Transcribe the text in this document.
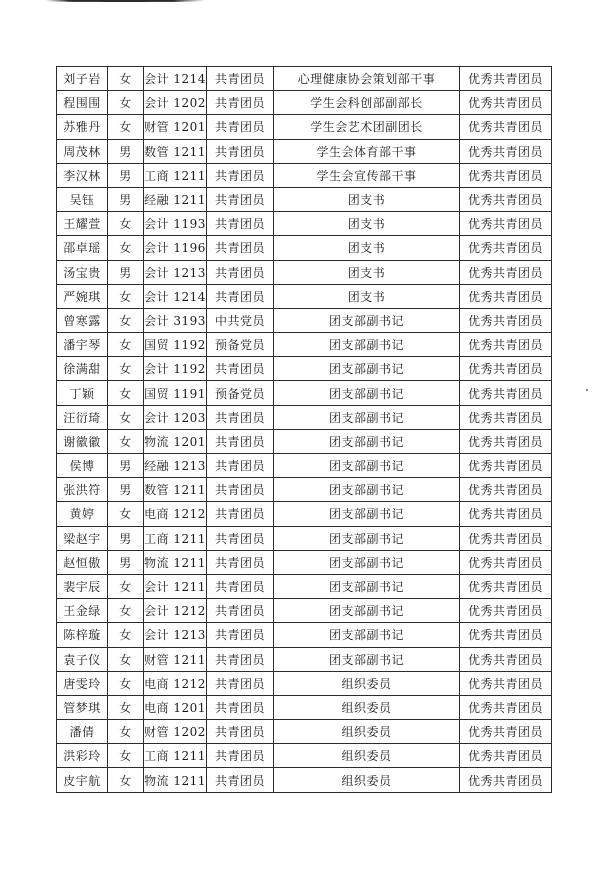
刘子岩	女	会计 1214	共青团员	心理健康协会策划部干事	优秀共青团员
程围围	女	会计 1202	共青团员	学生会科创部副部长	优秀共青团员
苏雅丹	女	财管 1201	共青团员	学生会艺术团副团长	优秀共青团员
周茂林	男	数管 1211	共青团员	学生会体育部干事	优秀共青团员
李汉林	男	工商 1211	共青团员	学生会宣传部干事	优秀共青团员
吴钰	男	经融 1211	共青团员	团支书	优秀共青团员
王耀萱	女	会计 1193	共青团员	团支书	优秀共青团员
邵卓瑶	女	会计 1196	共青团员	团支书	优秀共青团员
汤宝贵	男	会计 1213	共青团员	团支书	优秀共青团员
严婉琪	女	会计 1214	共青团员	团支书	优秀共青团员
曾寒露	女	会计 3193	中共党员	团支部副书记	优秀共青团员
潘宇琴	女	国贸 1192	预备党员	团支部副书记	优秀共青团员
徐满甜	女	会计 1192	共青团员	团支部副书记	优秀共青团员
丁颖	女	国贸 1191	预备党员	团支部副书记	优秀共青团员
汪衍琦	女	会计 1203	共青团员	团支部副书记	优秀共青团员
谢徽徽	女	物流 1201	共青团员	团支部副书记	优秀共青团员
侯博	男	经融 1213	共青团员	团支部副书记	优秀共青团员
张洪符	男	数管 1211	共青团员	团支部副书记	优秀共青团员
黄婷	女	电商 1212	共青团员	团支部副书记	优秀共青团员
梁赵宇	男	工商 1211	共青团员	团支部副书记	优秀共青团员
赵恒傲	男	物流 1211	共青团员	团支部副书记	优秀共青团员
裴宇辰	女	会计 1211	共青团员	团支部副书记	优秀共青团员
王金绿	女	会计 1212	共青团员	团支部副书记	优秀共青团员
陈梓璇	女	会计 1213	共青团员	团支部副书记	优秀共青团员
袁子仪	女	财管 1211	共青团员	团支部副书记	优秀共青团员
唐雯玲	女	电商 1212	共青团员	组织委员	优秀共青团员
管梦琪	女	电商 1201	共青团员	组织委员	优秀共青团员
潘倩	女	财管 1202	共青团员	组织委员	优秀共青团员
洪彩玲	女	工商 1211	共青团员	组织委员	优秀共青团员
皮宇航	女	物流 1211	共青团员	组织委员	优秀共青团员
